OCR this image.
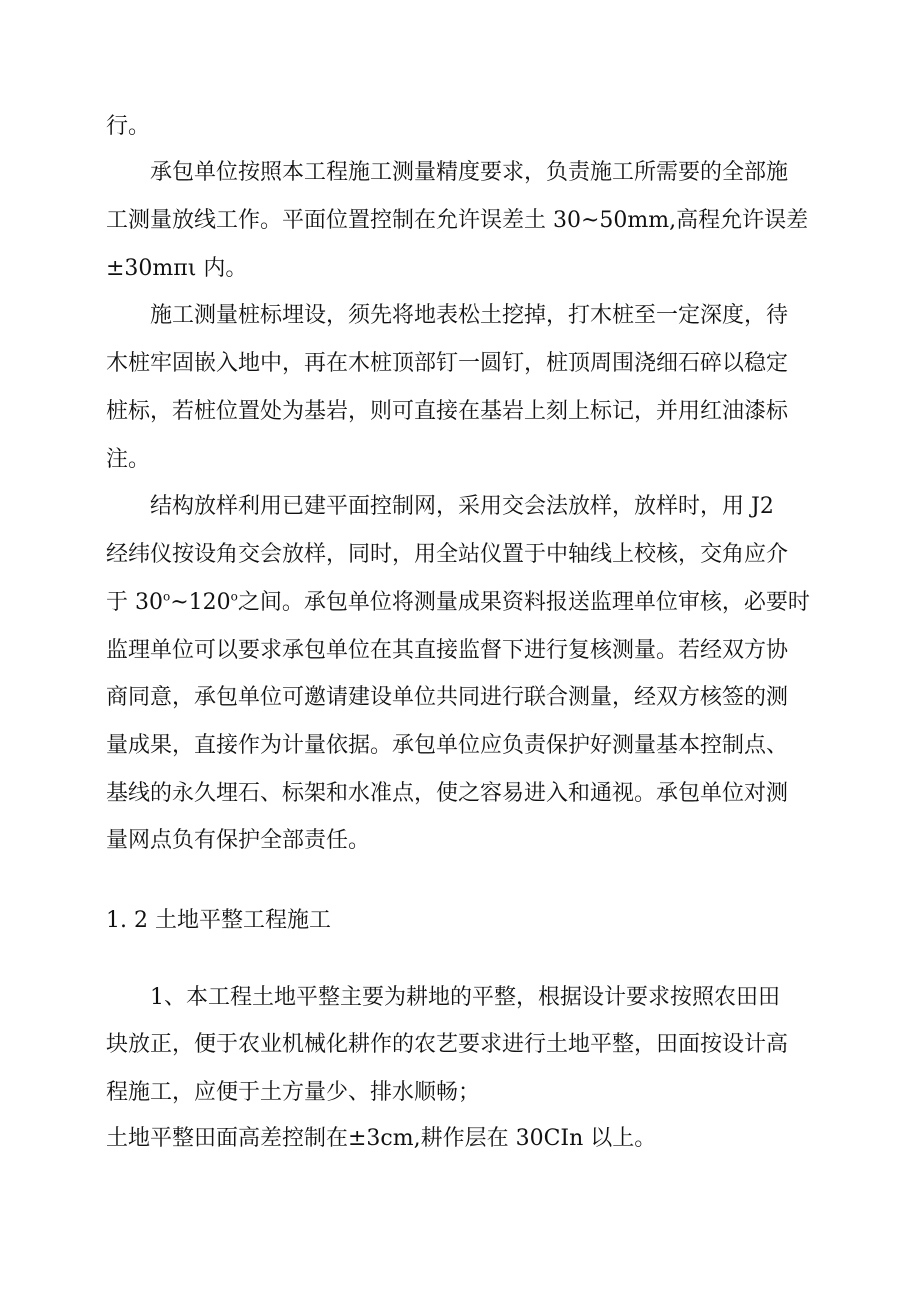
行。
承包单位按照本工程施工测量精度要求，负责施工所需要的全部施
工测量放线工作。平面位置控制在允许误差土 30~50mm,高程允许误差
±30mπι 内。
施工测量桩标埋设，须先将地表松土挖掉，打木桩至一定深度，待
木桩牢固嵌入地中，再在木桩顶部钉一圆钉，桩顶周围浇细石碎以稳定
桩标，若桩位置处为基岩，则可直接在基岩上刻上标记，并用红油漆标
注。
结构放样利用已建平面控制网，采用交会法放样，放样时，用 J2
经纬仪按设角交会放样，同时，用全站仪置于中轴线上校核，交角应介
于 30$^o$~120$^o$之间。承包单位将测量成果资料报送监理单位审核，必要时
监理单位可以要求承包单位在其直接监督下进行复核测量。若经双方协
商同意，承包单位可邀请建设单位共同进行联合测量，经双方核签的测
量成果，直接作为计量依据。承包单位应负责保护好测量基本控制点、
基线的永久埋石、标架和水准点，使之容易进入和通视。承包单位对测
量网点负有保护全部责任。
1. 2 土地平整工程施工
1、本工程土地平整主要为耕地的平整，根据设计要求按照农田田
块放正，便于农业机械化耕作的农艺要求进行土地平整，田面按设计高
程施工，应便于土方量少、排水顺畅；
土地平整田面高差控制在±3cm,耕作层在 30CIn 以上。
